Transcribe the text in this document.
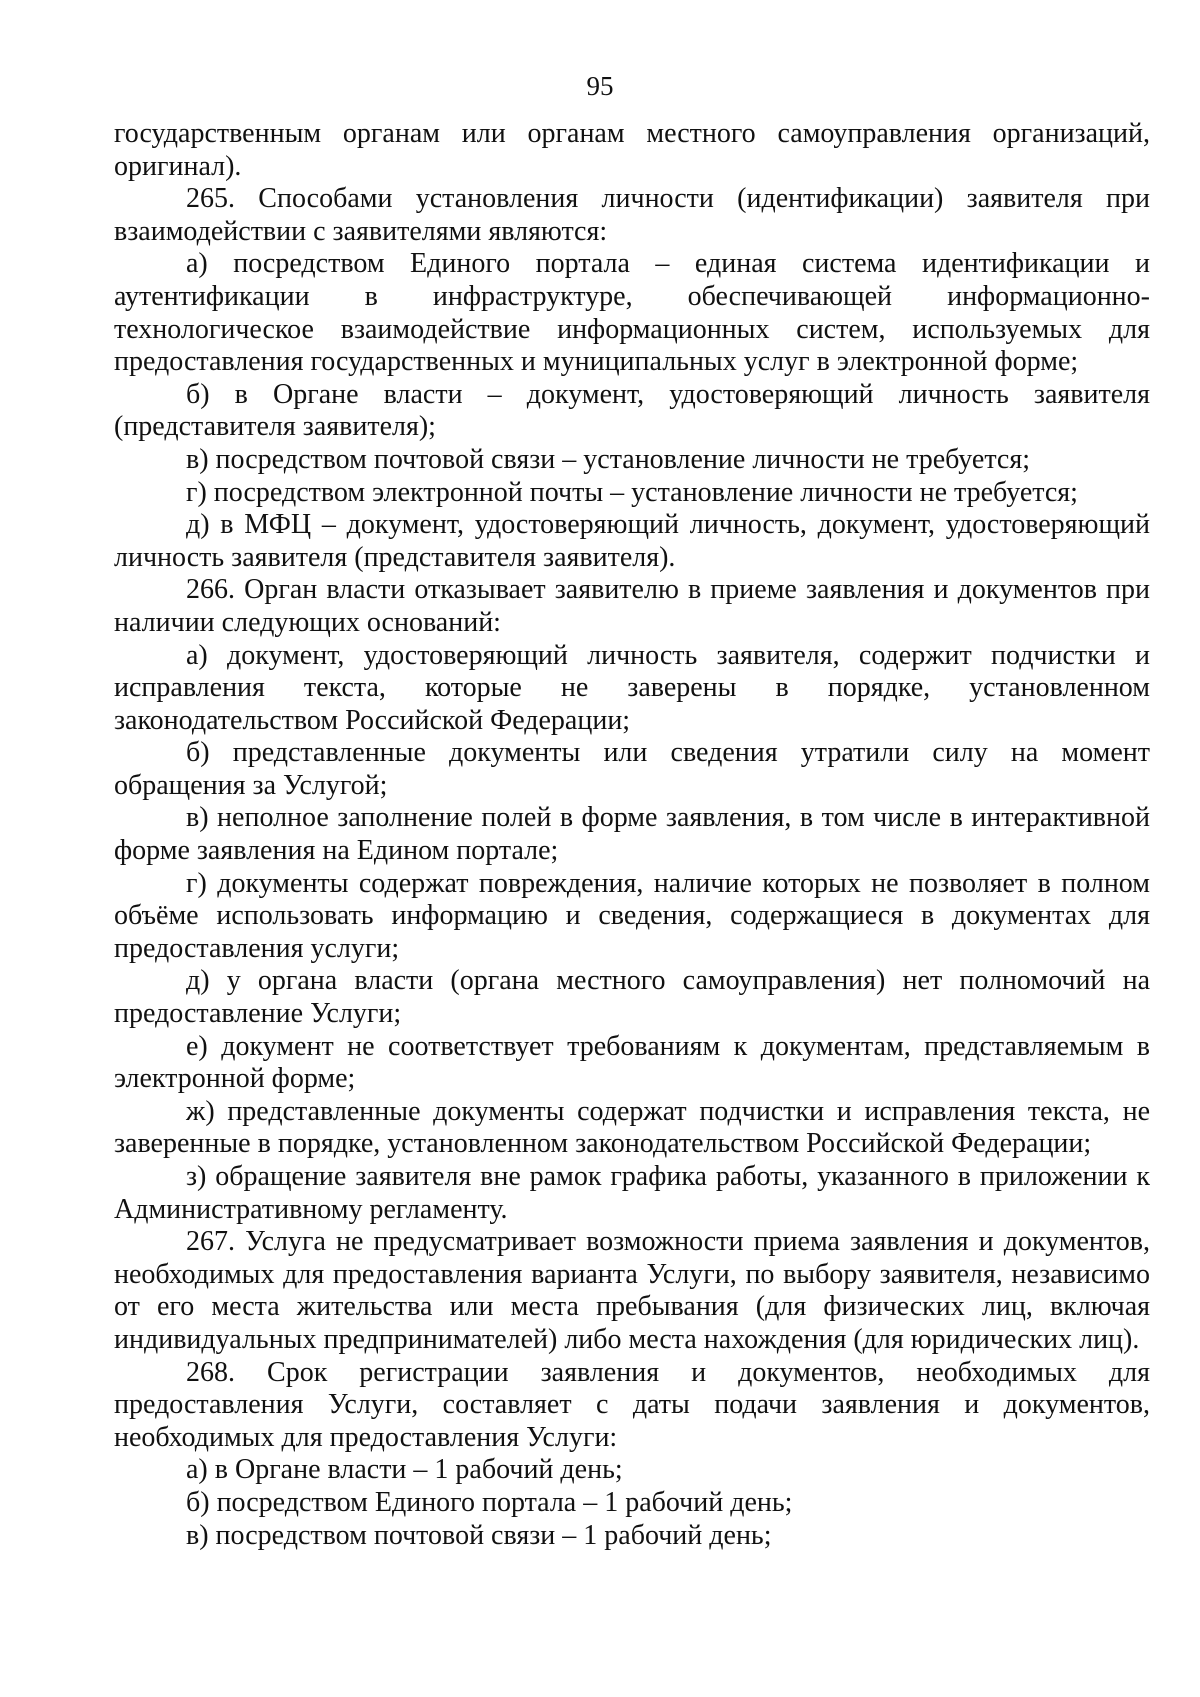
95

государственным органам или органам местного самоуправления организаций, оригинал).

265. Способами установления личности (идентификации) заявителя при взаимодействии с заявителями являются:

а) посредством Единого портала – единая система идентификации и аутентификации в инфраструктуре, обеспечивающей информационно-технологическое взаимодействие информационных систем, используемых для предоставления государственных и муниципальных услуг в электронной форме;

б) в Органе власти – документ, удостоверяющий личность заявителя (представителя заявителя);

в) посредством почтовой связи – установление личности не требуется;

г) посредством электронной почты – установление личности не требуется;

д) в МФЦ – документ, удостоверяющий личность, документ, удостоверяющий личность заявителя (представителя заявителя).

266. Орган власти отказывает заявителю в приеме заявления и документов при наличии следующих оснований:

а) документ, удостоверяющий личность заявителя, содержит подчистки и исправления текста, которые не заверены в порядке, установленном законодательством Российской Федерации;

б) представленные документы или сведения утратили силу на момент обращения за Услугой;

в) неполное заполнение полей в форме заявления, в том числе в интерактивной форме заявления на Едином портале;

г) документы содержат повреждения, наличие которых не позволяет в полном объёме использовать информацию и сведения, содержащиеся в документах для предоставления услуги;

д) у органа власти (органа местного самоуправления) нет полномочий на предоставление Услуги;

е) документ не соответствует требованиям к документам, представляемым в электронной форме;

ж) представленные документы содержат подчистки и исправления текста, не заверенные в порядке, установленном законодательством Российской Федерации;

з) обращение заявителя вне рамок графика работы, указанного в приложении к Административному регламенту.

267. Услуга не предусматривает возможности приема заявления и документов, необходимых для предоставления варианта Услуги, по выбору заявителя, независимо от его места жительства или места пребывания (для физических лиц, включая индивидуальных предпринимателей) либо места нахождения (для юридических лиц).

268. Срок регистрации заявления и документов, необходимых для предоставления Услуги, составляет с даты подачи заявления и документов, необходимых для предоставления Услуги:

а) в Органе власти – 1 рабочий день;

б) посредством Единого портала – 1 рабочий день;

в) посредством почтовой связи – 1 рабочий день;
